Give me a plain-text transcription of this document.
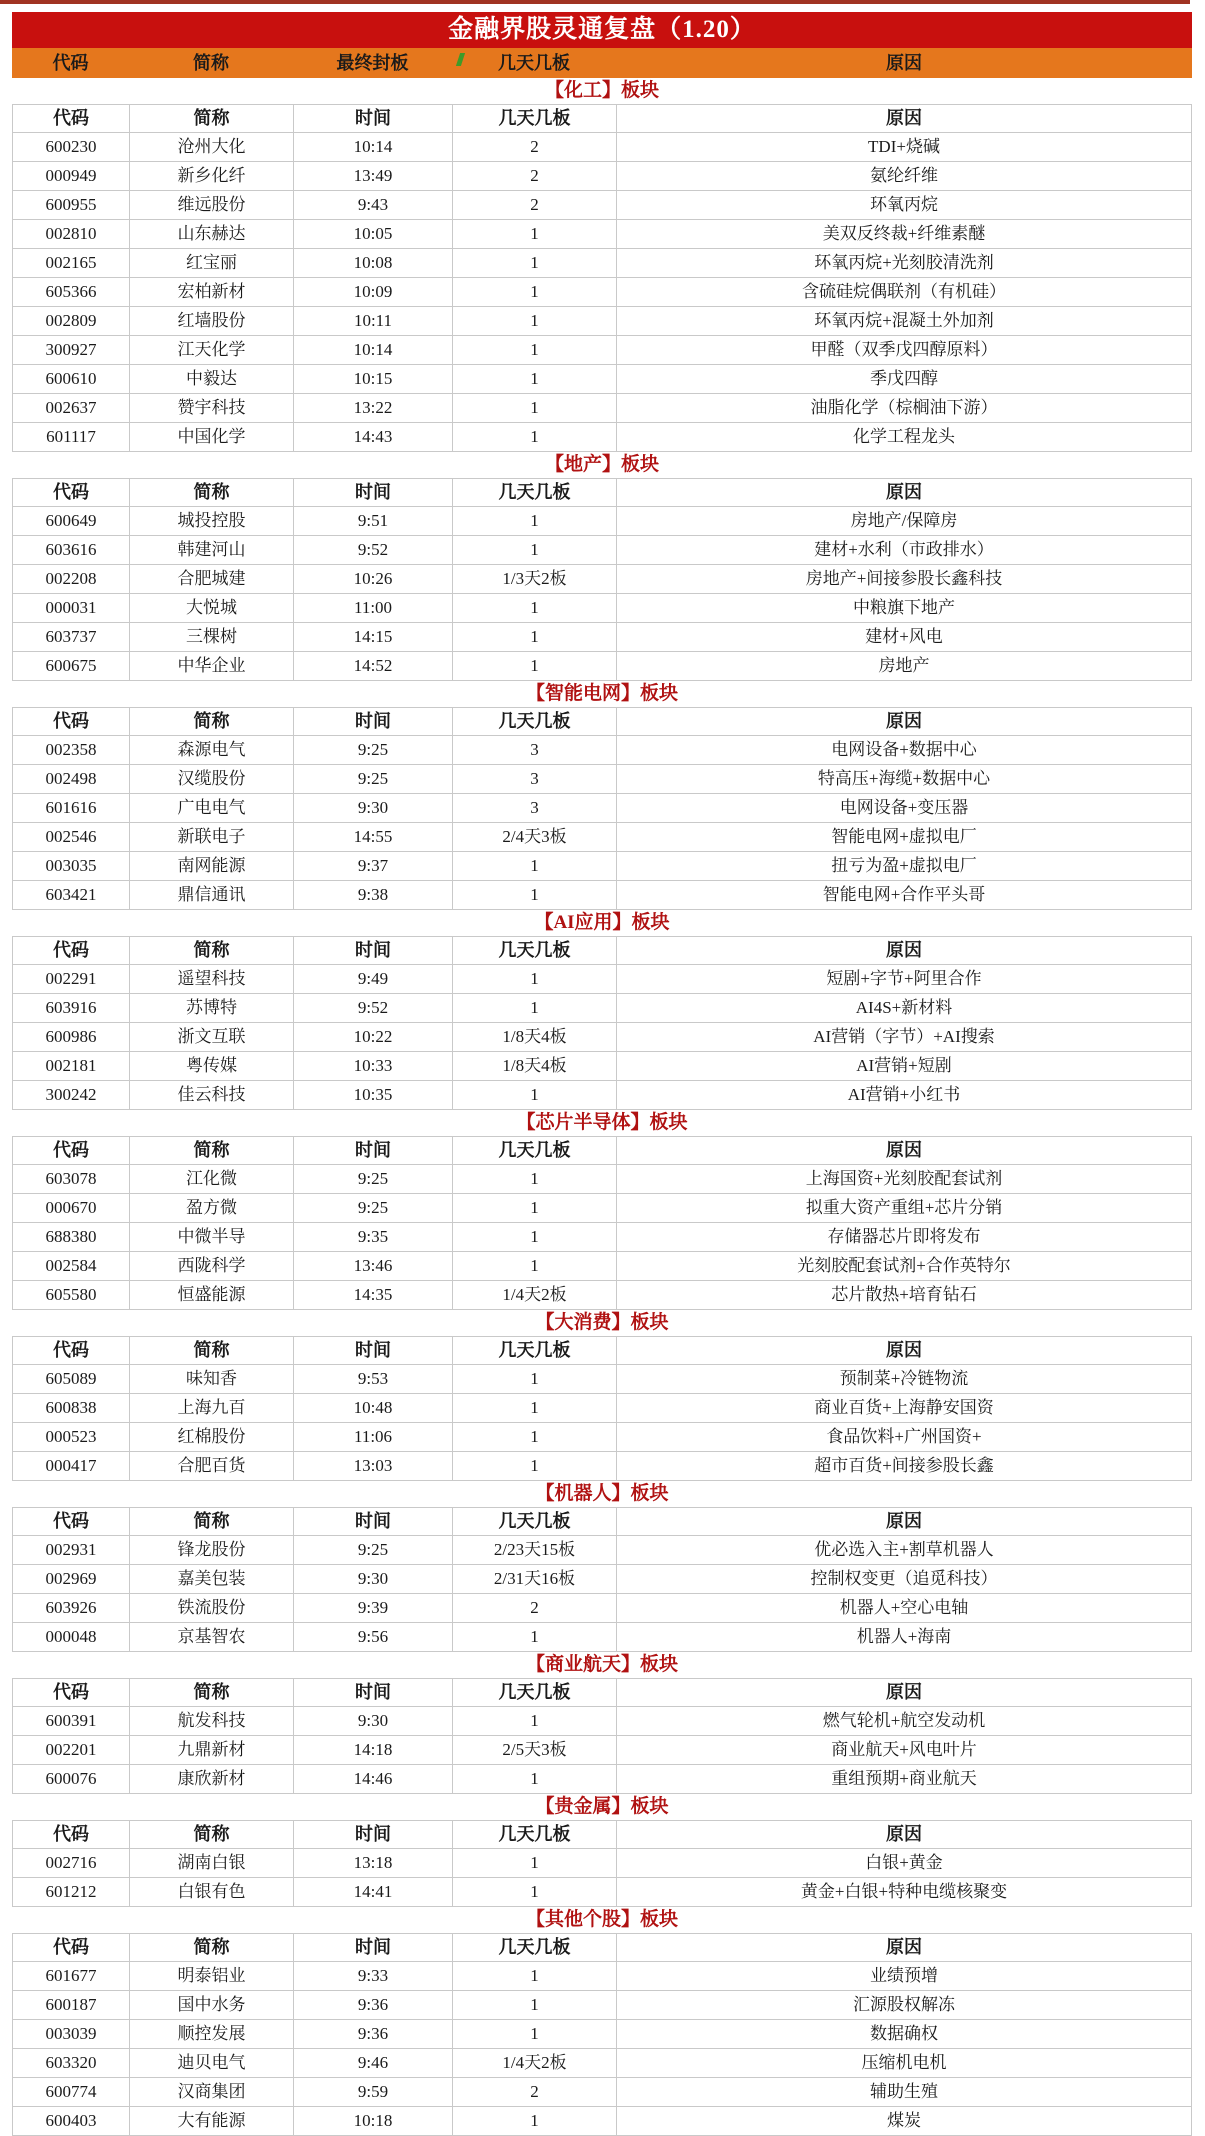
金融界股灵通复盘（1.20）
代码	简称	最终封板	几天几板	原因
【化工】板块
代码	简称	时间	几天几板	原因
600230	沧州大化	10:14	2	TDI+烧碱
000949	新乡化纤	13:49	2	氨纶纤维
600955	维远股份	9:43	2	环氧丙烷
002810	山东赫达	10:05	1	美双反终裁+纤维素醚
002165	红宝丽	10:08	1	环氧丙烷+光刻胶清洗剂
605366	宏柏新材	10:09	1	含硫硅烷偶联剂（有机硅）
002809	红墙股份	10:11	1	环氧丙烷+混凝土外加剂
300927	江天化学	10:14	1	甲醛（双季戊四醇原料）
600610	中毅达	10:15	1	季戊四醇
002637	赞宇科技	13:22	1	油脂化学（棕榈油下游）
601117	中国化学	14:43	1	化学工程龙头
【地产】板块
代码	简称	时间	几天几板	原因
600649	城投控股	9:51	1	房地产/保障房
603616	韩建河山	9:52	1	建材+水利（市政排水）
002208	合肥城建	10:26	1/3天2板	房地产+间接参股长鑫科技
000031	大悦城	11:00	1	中粮旗下地产
603737	三棵树	14:15	1	建材+风电
600675	中华企业	14:52	1	房地产
【智能电网】板块
代码	简称	时间	几天几板	原因
002358	森源电气	9:25	3	电网设备+数据中心
002498	汉缆股份	9:25	3	特高压+海缆+数据中心
601616	广电电气	9:30	3	电网设备+变压器
002546	新联电子	14:55	2/4天3板	智能电网+虚拟电厂
003035	南网能源	9:37	1	扭亏为盈+虚拟电厂
603421	鼎信通讯	9:38	1	智能电网+合作平头哥
【AI应用】板块
代码	简称	时间	几天几板	原因
002291	遥望科技	9:49	1	短剧+字节+阿里合作
603916	苏博特	9:52	1	AI4S+新材料
600986	浙文互联	10:22	1/8天4板	AI营销（字节）+AI搜索
002181	粤传媒	10:33	1/8天4板	AI营销+短剧
300242	佳云科技	10:35	1	AI营销+小红书
【芯片半导体】板块
代码	简称	时间	几天几板	原因
603078	江化微	9:25	1	上海国资+光刻胶配套试剂
000670	盈方微	9:25	1	拟重大资产重组+芯片分销
688380	中微半导	9:35	1	存储器芯片即将发布
002584	西陇科学	13:46	1	光刻胶配套试剂+合作英特尔
605580	恒盛能源	14:35	1/4天2板	芯片散热+培育钻石
【大消费】板块
代码	简称	时间	几天几板	原因
605089	味知香	9:53	1	预制菜+冷链物流
600838	上海九百	10:48	1	商业百货+上海静安国资
000523	红棉股份	11:06	1	食品饮料+广州国资+
000417	合肥百货	13:03	1	超市百货+间接参股长鑫
【机器人】板块
代码	简称	时间	几天几板	原因
002931	锋龙股份	9:25	2/23天15板	优必选入主+割草机器人
002969	嘉美包装	9:30	2/31天16板	控制权变更（追觅科技）
603926	铁流股份	9:39	2	机器人+空心电轴
000048	京基智农	9:56	1	机器人+海南
【商业航天】板块
代码	简称	时间	几天几板	原因
600391	航发科技	9:30	1	燃气轮机+航空发动机
002201	九鼎新材	14:18	2/5天3板	商业航天+风电叶片
600076	康欣新材	14:46	1	重组预期+商业航天
【贵金属】板块
代码	简称	时间	几天几板	原因
002716	湖南白银	13:18	1	白银+黄金
601212	白银有色	14:41	1	黄金+白银+特种电缆核聚变
【其他个股】板块
代码	简称	时间	几天几板	原因
601677	明泰铝业	9:33	1	业绩预增
600187	国中水务	9:36	1	汇源股权解冻
003039	顺控发展	9:36	1	数据确权
603320	迪贝电气	9:46	1/4天2板	压缩机电机
600774	汉商集团	9:59	2	辅助生殖
600403	大有能源	10:18	1	煤炭
